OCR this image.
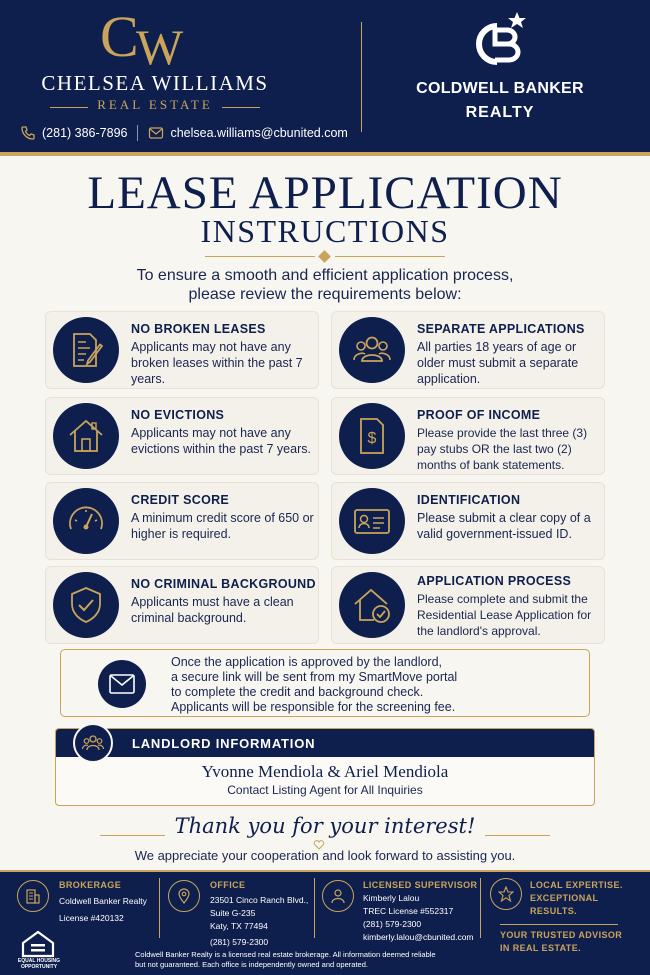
C
W
CHELSEA WILLIAMS
REAL ESTATE
(281) 386-7896	chelsea.williams@cbunited.com
COLDWELL BANKER
REALTY
LEASE APPLICATION
INSTRUCTIONS
To ensure a smooth and efficient application process,
please review the requirements below:
NO BROKEN LEASES
Applicants may not have any broken leases within the past 7 years.
SEPARATE APPLICATIONS
All parties 18 years of age or older must submit a separate application.
NO EVICTIONS
Applicants may not have any evictions within the past 7 years.
$
PROOF OF INCOME
Please provide the last three (3) pay stubs OR the last two (2) months of bank statements.
CREDIT SCORE
A minimum credit score of 650 or higher is required.
IDENTIFICATION
Please submit a clear copy of a valid government-issued ID.
NO CRIMINAL BACKGROUND
Applicants must have a clean criminal background.
APPLICATION PROCESS
Please complete and submit the Residential Lease Application for the landlord's approval.
Once the application is approved by the landlord,
a secure link will be sent from my SmartMove portal
to complete the credit and background check.
Applicants will be responsible for the screening fee.
LANDLORD INFORMATION
Yvonne Mendiola & Ariel Mendiola
Contact Listing Agent for All Inquiries
Thank you for your interest!
We appreciate your cooperation and look forward to assisting you.
BROKERAGE
Coldwell Banker Realty
License #420132
OFFICE
23501 Cinco Ranch Blvd.,
Suite G-235
Katy, TX 77494
(281) 579-2300
LICENSED SUPERVISOR
Kimberly Lalou
TREC License #552317
(281) 579-2300
kimberly.lalou@cbunited.com
LOCAL EXPERTISE.
EXCEPTIONAL
RESULTS.
YOUR TRUSTED ADVISOR
IN REAL ESTATE.
EQUAL HOUSING OPPORTUNITY
Coldwell Banker Realty is a licensed real estate brokerage. All information deemed reliable
but not guaranteed. Each office is independently owned and operated.
